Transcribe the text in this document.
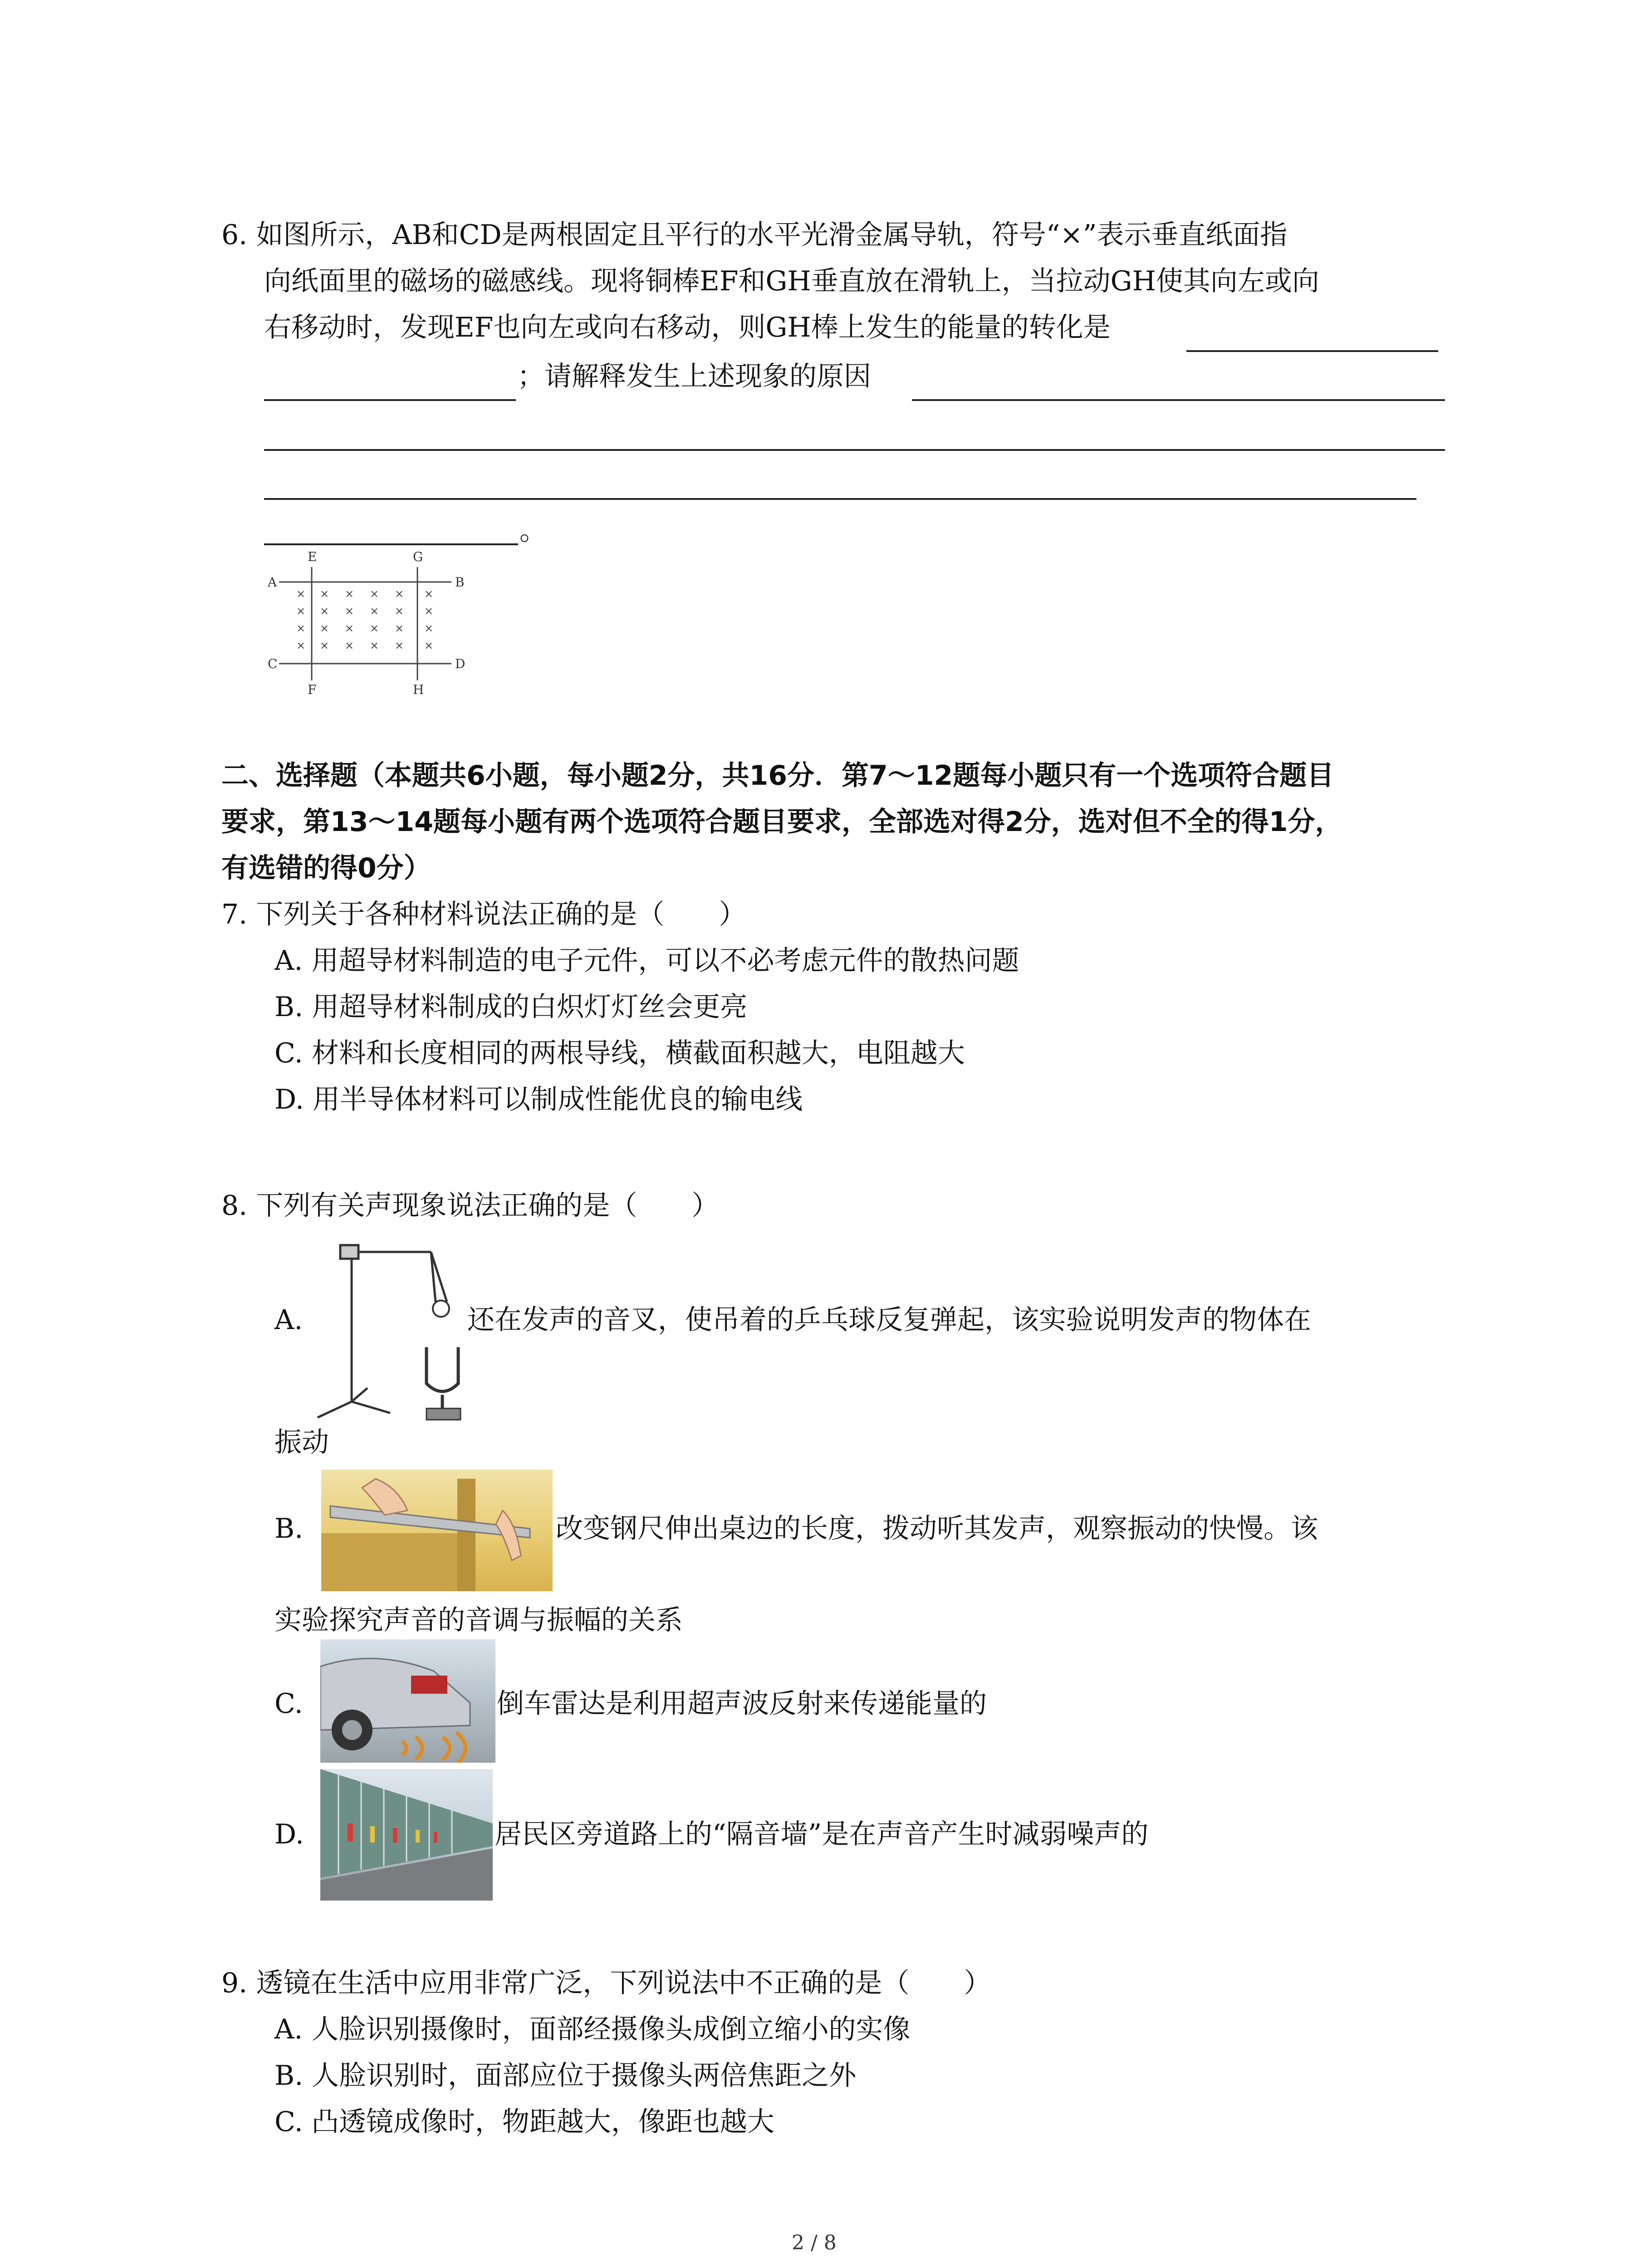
6. 如图所示，AB和CD是两根固定且平行的水平光滑金属导轨，符号“×”表示垂直纸面指
向纸面里的磁场的磁感线。现将铜棒EF和GH垂直放在滑轨上，当拉动GH使其向左或向
右移动时，发现EF也向左或向右移动，则GH棒上发生的能量的转化是
；请解释发生上述现象的原因
。
× × × × × ×
× × × × × ×
× × × × × ×
× × × × × ×
A	B
C	D
E
F
G
H
二、选择题（本题共6小题，每小题2分，共16分．第7～12题每小题只有一个选项符合题目
要求，第13～14题每小题有两个选项符合题目要求，全部选对得2分，选对但不全的得1分，
有选错的得0分）
7. 下列关于各种材料说法正确的是（　　）
A. 用超导材料制造的电子元件，可以不必考虑元件的散热问题
B. 用超导材料制成的白炽灯灯丝会更亮
C. 材料和长度相同的两根导线，横截面积越大，电阻越大
D. 用半导体材料可以制成性能优良的输电线
8. 下列有关声现象说法正确的是（　　）
A.	还在发声的音叉，使吊着的乒乓球反复弹起，该实验说明发声的物体在
振动
B.	改变钢尺伸出桌边的长度，拨动听其发声，观察振动的快慢。该
实验探究声音的音调与振幅的关系
C.	倒车雷达是利用超声波反射来传递能量的
D.	居民区旁道路上的“隔音墙”是在声音产生时减弱噪声的
9. 透镜在生活中应用非常广泛，下列说法中不正确的是（　　）
A. 人脸识别摄像时，面部经摄像头成倒立缩小的实像
B. 人脸识别时，面部应位于摄像头两倍焦距之外
C. 凸透镜成像时，物距越大，像距也越大
2 / 8
